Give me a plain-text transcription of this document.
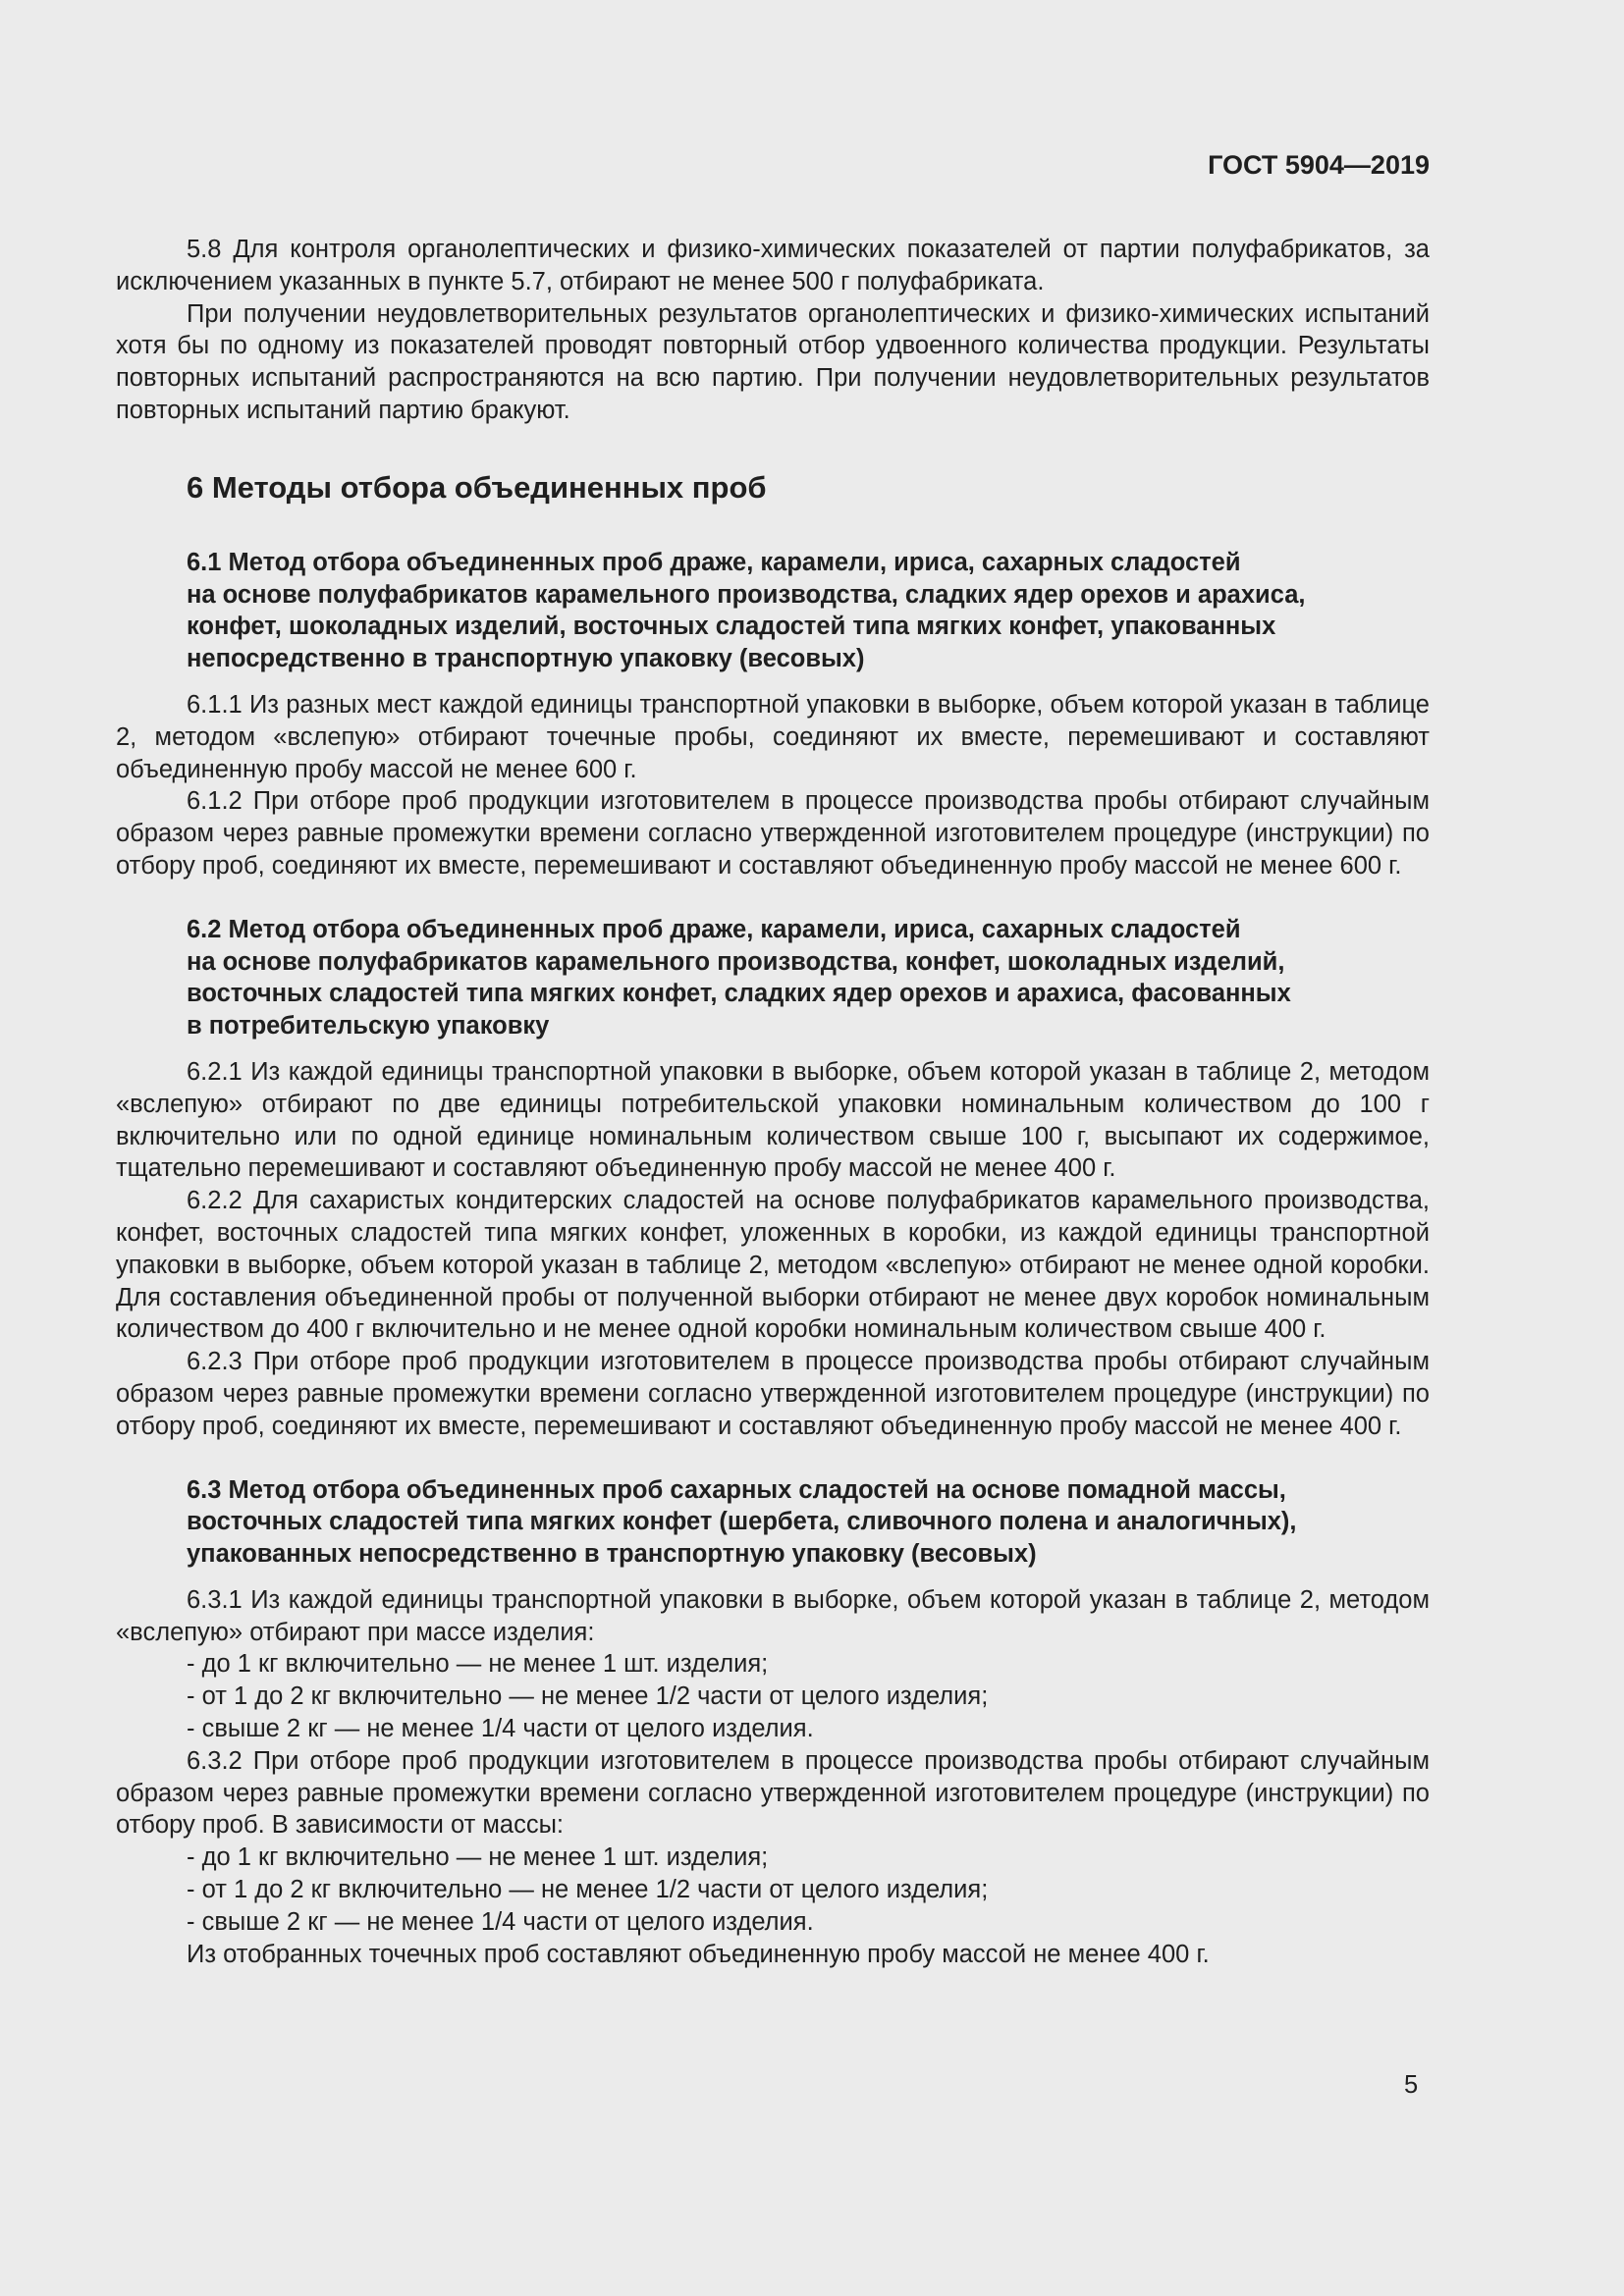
ГОСТ 5904—2019

5.8 Для контроля органолептических и физико-химических показателей от партии полуфабрикатов, за исключением указанных в пункте 5.7, отбирают не менее 500 г полуфабриката.

При получении неудовлетворительных результатов органолептических и физико-химических испытаний хотя бы по одному из показателей проводят повторный отбор удвоенного количества продукции. Результаты повторных испытаний распространяются на всю партию. При получении неудовлетворительных результатов повторных испытаний партию бракуют.

6 Методы отбора объединенных проб
6.1 Метод отбора объединенных проб драже, карамели, ириса, сахарных сладостей
на основе полуфабрикатов карамельного производства, сладких ядер орехов и арахиса,
конфет, шоколадных изделий, восточных сладостей типа мягких конфет, упакованных
непосредственно в транспортную упаковку (весовых)

6.1.1 Из разных мест каждой единицы транспортной упаковки в выборке, объем которой указан в таблице 2, методом «вслепую» отбирают точечные пробы, соединяют их вместе, перемешивают и составляют объединенную пробу массой не менее 600 г.

6.1.2 При отборе проб продукции изготовителем в процессе производства пробы отбирают случайным образом через равные промежутки времени согласно утвержденной изготовителем процедуре (инструкции) по отбору проб, соединяют их вместе, перемешивают и составляют объединенную пробу массой не менее 600 г.

6.2 Метод отбора объединенных проб драже, карамели, ириса, сахарных сладостей
на основе полуфабрикатов карамельного производства, конфет, шоколадных изделий,
восточных сладостей типа мягких конфет, сладких ядер орехов и арахиса, фасованных
в потребительскую упаковку

6.2.1 Из каждой единицы транспортной упаковки в выборке, объем которой указан в таблице 2, методом «вслепую» отбирают по две единицы потребительской упаковки номинальным количеством до 100 г включительно или по одной единице номинальным количеством свыше 100 г, высыпают их содержимое, тщательно перемешивают и составляют объединенную пробу массой не менее 400 г.

6.2.2 Для сахаристых кондитерских сладостей на основе полуфабрикатов карамельного производства, конфет, восточных сладостей типа мягких конфет, уложенных в коробки, из каждой единицы транспортной упаковки в выборке, объем которой указан в таблице 2, методом «вслепую» отбирают не менее одной коробки. Для составления объединенной пробы от полученной выборки отбирают не менее двух коробок номинальным количеством до 400 г включительно и не менее одной коробки номинальным количеством свыше 400 г.

6.2.3 При отборе проб продукции изготовителем в процессе производства пробы отбирают случайным образом через равные промежутки времени согласно утвержденной изготовителем процедуре (инструкции) по отбору проб, соединяют их вместе, перемешивают и составляют объединенную пробу массой не менее 400 г.

6.3 Метод отбора объединенных проб сахарных сладостей на основе помадной массы,
восточных сладостей типа мягких конфет (шербета, сливочного полена и аналогичных),
упакованных непосредственно в транспортную упаковку (весовых)

6.3.1 Из каждой единицы транспортной упаковки в выборке, объем которой указан в таблице 2, методом «вслепую» отбирают при массе изделия:

- до 1 кг включительно — не менее 1 шт. изделия;

- от 1 до 2 кг включительно — не менее 1/2 части от целого изделия;

- свыше 2 кг — не менее 1/4 части от целого изделия.

6.3.2 При отборе проб продукции изготовителем в процессе производства пробы отбирают случайным образом через равные промежутки времени согласно утвержденной изготовителем процедуре (инструкции) по отбору проб. В зависимости от массы:

- до 1 кг включительно — не менее 1 шт. изделия;

- от 1 до 2 кг включительно — не менее 1/2 части от целого изделия;

- свыше 2 кг — не менее 1/4 части от целого изделия.

Из отобранных точечных проб составляют объединенную пробу массой не менее 400 г.

5
